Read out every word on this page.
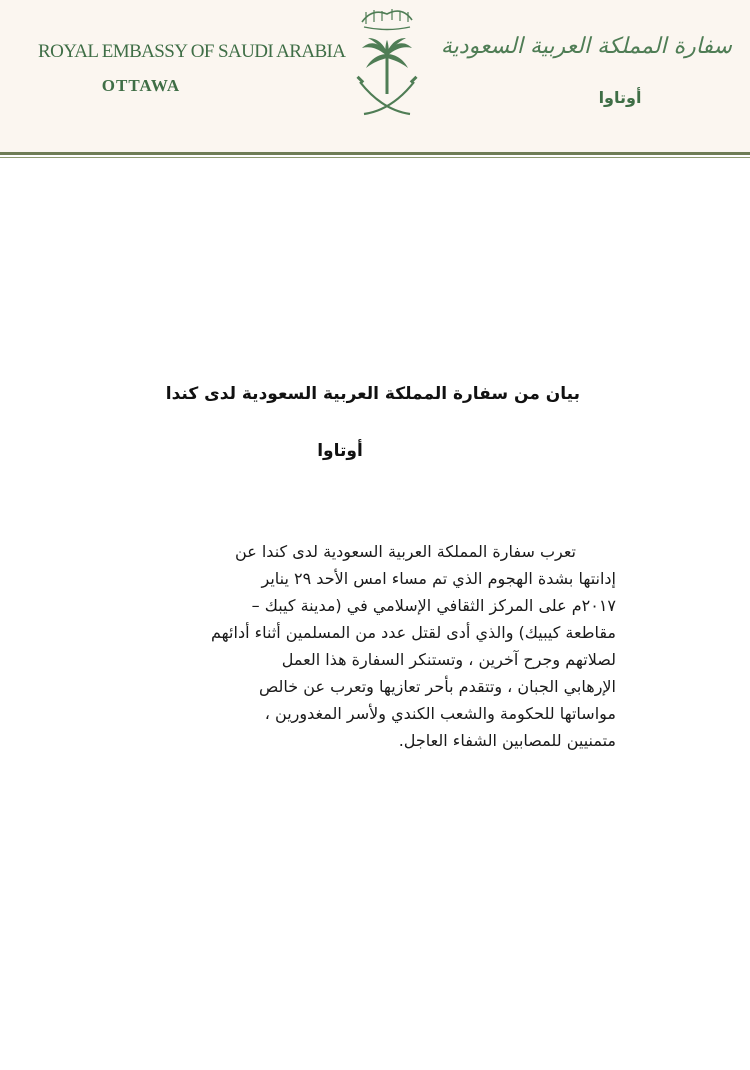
ROYAL EMBASSY OF SAUDI ARABIA
OTTAWA
سفارة المملكة العربية السعودية
أوتاوا
بيان من سفارة المملكة العربية السعودية لدى كندا
أوتاوا
تعرب سفارة المملكة العربية السعودية لدى كندا عن
إدانتها بشدة الهجوم الذي تم مساء امس الأحد ٢٩ يناير
٢٠١٧م على المركز الثقافي الإسلامي في (مدينة كيبك –
مقاطعة كيبيك) والذي أدى لقتل عدد من المسلمين أثناء أدائهم
لصلاتهم وجرح آخرين ، وتستنكر السفارة هذا العمل
الإرهابي الجبان ، وتتقدم بأحر تعازيها وتعرب عن خالص
مواساتها للحكومة والشعب الكندي ولأسر المغدورين ،
متمنيين للمصابين الشفاء العاجل.
